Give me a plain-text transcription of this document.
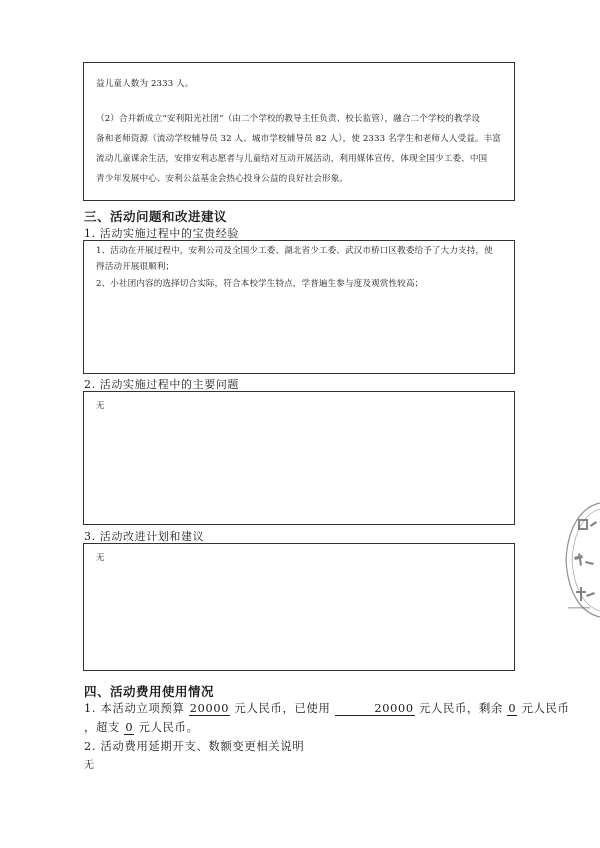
益儿童人数为 2333 人。
（2）合并新成立“安利阳光社团”（由二个学校的教导主任负责、校长监管），融合二个学校的教学设
备和老师资源（流动学校辅导员 32 人、城市学校辅导员 82 人），使 2333 名学生和老师人人受益。丰富
流动儿童课余生活，安排安利志愿者与儿童结对互动开展活动，利用媒体宣传，体现全国少工委、中国
青少年发展中心、安利公益基金会热心投身公益的良好社会形象。
三、活动问题和改进建议
1. 活动实施过程中的宝贵经验
1、活动在开展过程中，安利公司及全国少工委、湖北省少工委、武汉市桥口区教委给予了大力支持，使
得活动开展很顺利；
2、小社团内容的选择切合实际，符合本校学生特点，学普遍生参与度及观赏性较高；
2. 活动实施过程中的主要问题
无
3. 活动改进计划和建议
无
四、活动费用使用情况
1. 本活动立项预算 20000 元人民币，已使用	20000 元人民币，剩余 0 元人民币
，超支 0 元人民币。
2. 活动费用延期开支、数额变更相关说明
无
